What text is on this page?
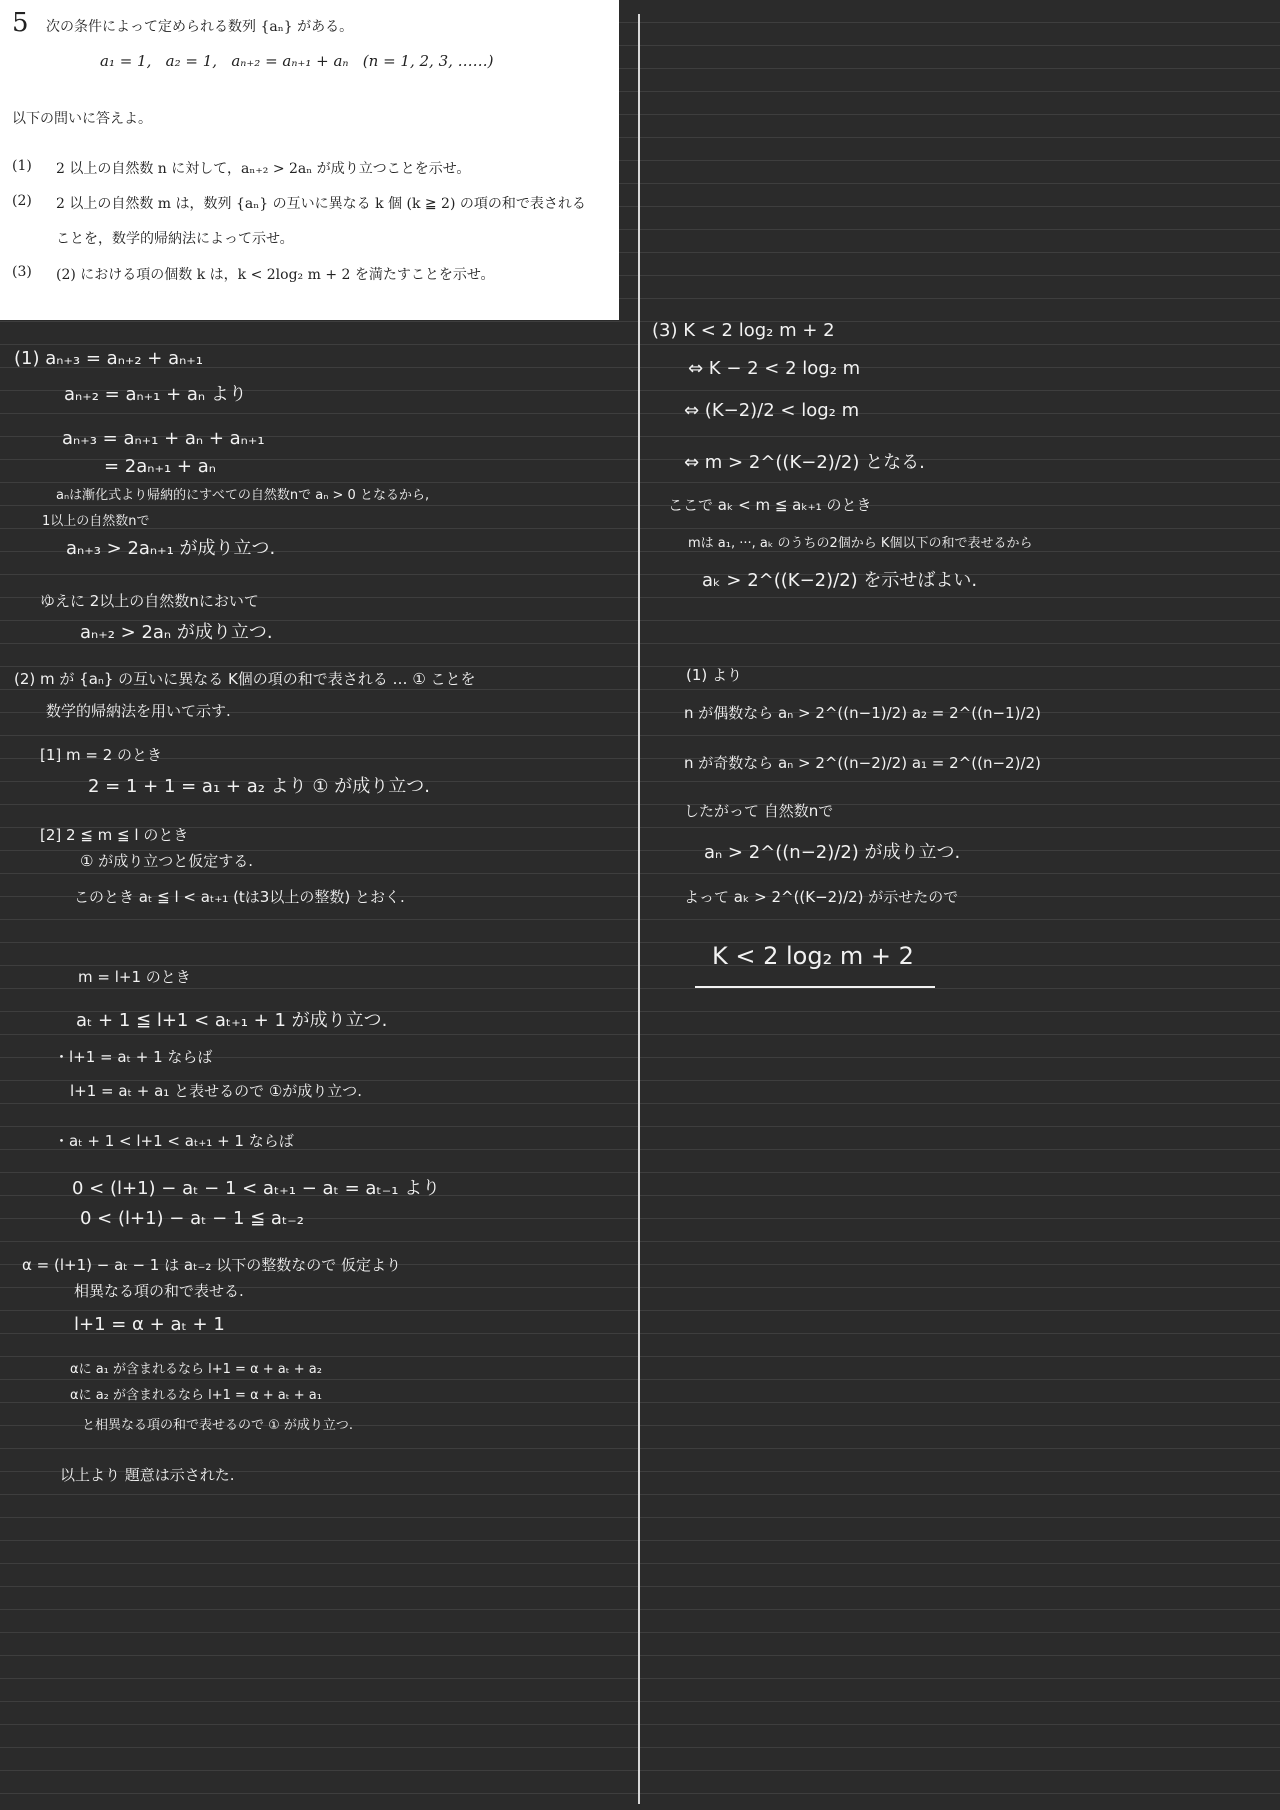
5 次の条件によって定められる数列 {aₙ} がある。
a₁ = 1,   a₂ = 1,   aₙ₊₂ = aₙ₊₁ + aₙ   (n = 1, 2, 3, ……)
以下の問いに答えよ。
(1) 2 以上の自然数 n に対して，aₙ₊₂ > 2aₙ が成り立つことを示せ。
(2) 2 以上の自然数 m は，数列 {aₙ} の互いに異なる k 個 (k ≧ 2) の項の和で表される
ことを，数学的帰納法によって示せ。
(3) (2) における項の個数 k は，k < 2log₂ m + 2 を満たすことを示せ。
(1) aₙ₊₃ = aₙ₊₂ + aₙ₊₁
aₙ₊₂ = aₙ₊₁ + aₙ より
aₙ₊₃ = aₙ₊₁ + aₙ + aₙ₊₁
= 2aₙ₊₁ + aₙ
aₙは漸化式より帰納的にすべての自然数nで aₙ > 0 となるから,
1以上の自然数nで
aₙ₊₃ > 2aₙ₊₁ が成り立つ.
ゆえに 2以上の自然数nにおいて
aₙ₊₂ > 2aₙ が成り立つ.
(2) m が {aₙ} の互いに異なる K個の項の和で表される … ① ことを
数学的帰納法を用いて示す.
[1] m = 2 のとき
2 = 1 + 1 = a₁ + a₂ より ① が成り立つ.
[2] 2 ≦ m ≦ l のとき
① が成り立つと仮定する.
このとき aₜ ≦ l < aₜ₊₁ (tは3以上の整数) とおく.
m = l+1 のとき
aₜ + 1 ≦ l+1 < aₜ₊₁ + 1 が成り立つ.
・l+1 = aₜ + 1 ならば
l+1 = aₜ + a₁ と表せるので ①が成り立つ.
・aₜ + 1 < l+1 < aₜ₊₁ + 1 ならば
0 < (l+1) − aₜ − 1 < aₜ₊₁ − aₜ = aₜ₋₁ より
0 < (l+1) − aₜ − 1 ≦ aₜ₋₂
α = (l+1) − aₜ − 1 は aₜ₋₂ 以下の整数なので 仮定より
相異なる項の和で表せる.
l+1 = α + aₜ + 1
αに a₁ が含まれるなら l+1 = α + aₜ + a₂
αに a₂ が含まれるなら l+1 = α + aₜ + a₁
と相異なる項の和で表せるので ① が成り立つ.
以上より 題意は示された.
(3) K < 2 log₂ m + 2
⇔ K − 2 < 2 log₂ m
⇔ (K−2)/2 < log₂ m
⇔ m > 2^((K−2)/2) となる.
ここで aₖ < m ≦ aₖ₊₁ のとき
mは a₁, ···, aₖ のうちの2個から K個以下の和で表せるから
aₖ > 2^((K−2)/2) を示せばよい.
(1) より
n が偶数なら aₙ > 2^((n−1)/2) a₂ = 2^((n−1)/2)
n が奇数なら aₙ > 2^((n−2)/2) a₁ = 2^((n−2)/2)
したがって 自然数nで
aₙ > 2^((n−2)/2) が成り立つ.
よって aₖ > 2^((K−2)/2) が示せたので
K < 2 log₂ m + 2
